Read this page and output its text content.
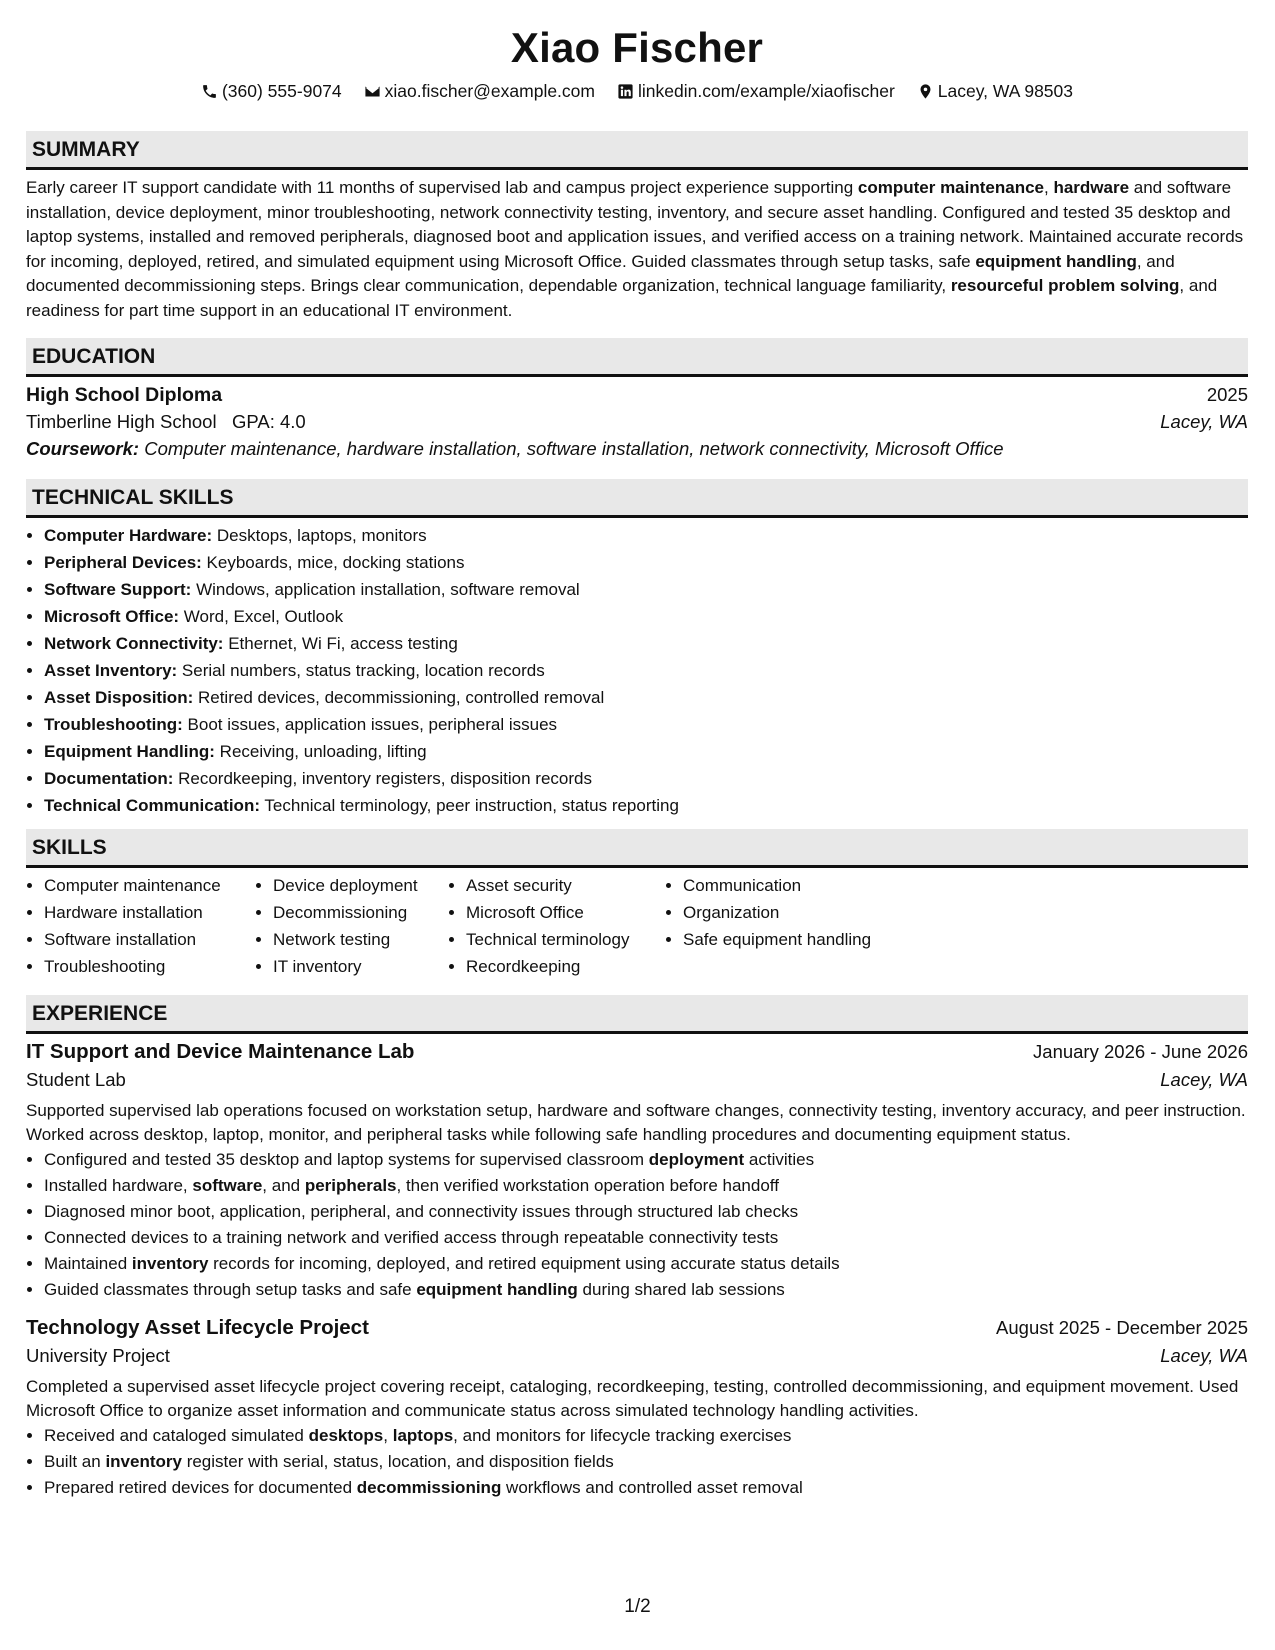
Xiao Fischer
(360) 555-9074 xiao.fischer@example.com linkedin.com/example/xiaofischer Lacey, WA 98503
SUMMARY

Early career IT support candidate with 11 months of supervised lab and campus project experience supporting computer maintenance, hardware and software installation, device deployment, minor troubleshooting, network connectivity testing, inventory, and secure asset handling. Configured and tested 35 desktop and laptop systems, installed and removed peripherals, diagnosed boot and application issues, and verified access on a training network. Maintained accurate records for incoming, deployed, retired, and simulated equipment using Microsoft Office. Guided classmates through setup tasks, safe equipment handling, and documented decommissioning steps. Brings clear communication, dependable organization, technical language familiarity, resourceful problem solving, and readiness for part time support in an educational IT environment.

EDUCATION
High School Diploma	2025
Timberline High School GPA: 4.0	Lacey, WA
Coursework: Computer maintenance, hardware installation, software installation, network connectivity, Microsoft Office
TECHNICAL SKILLS
• Computer Hardware: Desktops, laptops, monitors
• Peripheral Devices: Keyboards, mice, docking stations
• Software Support: Windows, application installation, software removal
• Microsoft Office: Word, Excel, Outlook
• Network Connectivity: Ethernet, Wi Fi, access testing
• Asset Inventory: Serial numbers, status tracking, location records
• Asset Disposition: Retired devices, decommissioning, controlled removal
• Troubleshooting: Boot issues, application issues, peripheral issues
• Equipment Handling: Receiving, unloading, lifting
• Documentation: Recordkeeping, inventory registers, disposition records
• Technical Communication: Technical terminology, peer instruction, status reporting
SKILLS
• Computer maintenance
• Hardware installation
• Software installation
• Troubleshooting
• Device deployment
• Decommissioning
• Network testing
• IT inventory
• Asset security
• Microsoft Office
• Technical terminology
• Recordkeeping
• Communication
• Organization
• Safe equipment handling
EXPERIENCE
IT Support and Device Maintenance Lab	January 2026 - June 2026
Student Lab	Lacey, WA

Supported supervised lab operations focused on workstation setup, hardware and software changes, connectivity testing, inventory accuracy, and peer instruction. Worked across desktop, laptop, monitor, and peripheral tasks while following safe handling procedures and documenting equipment status.

• Configured and tested 35 desktop and laptop systems for supervised classroom deployment activities
• Installed hardware, software, and peripherals, then verified workstation operation before handoff
• Diagnosed minor boot, application, peripheral, and connectivity issues through structured lab checks
• Connected devices to a training network and verified access through repeatable connectivity tests
• Maintained inventory records for incoming, deployed, and retired equipment using accurate status details
• Guided classmates through setup tasks and safe equipment handling during shared lab sessions
Technology Asset Lifecycle Project	August 2025 - December 2025
University Project	Lacey, WA

Completed a supervised asset lifecycle project covering receipt, cataloging, recordkeeping, testing, controlled decommissioning, and equipment movement. Used Microsoft Office to organize asset information and communicate status across simulated technology handling activities.

• Received and cataloged simulated desktops, laptops, and monitors for lifecycle tracking exercises
• Built an inventory register with serial, status, location, and disposition fields
• Prepared retired devices for documented decommissioning workflows and controlled asset removal
1/2
